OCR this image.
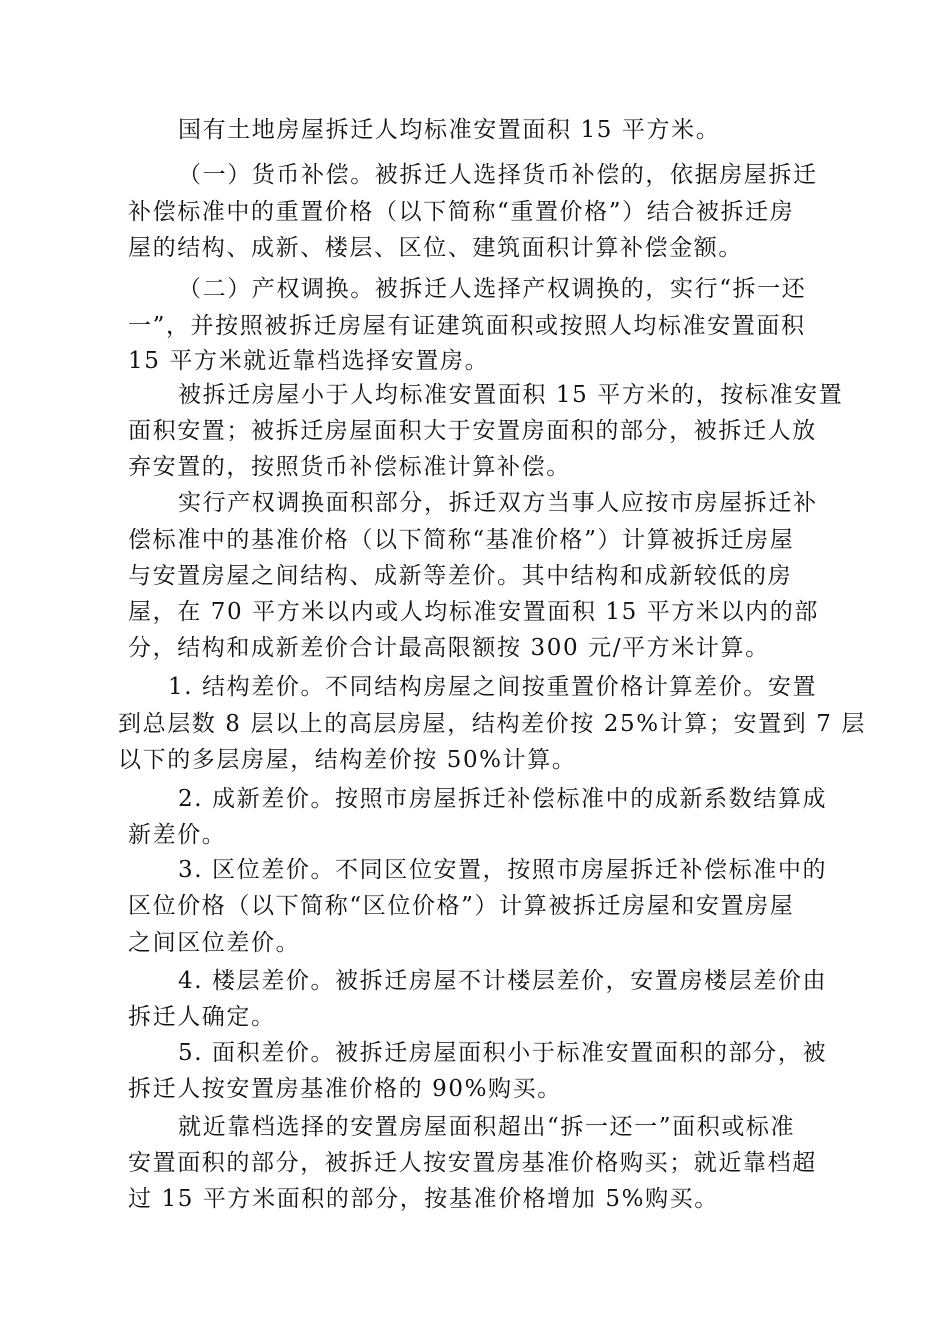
国有土地房屋拆迁人均标准安置面积 15 平方米。
（一）货币补偿。被拆迁人选择货币补偿的，依据房屋拆迁
补偿标准中的重置价格（以下简称“重置价格”）结合被拆迁房
屋的结构、成新、楼层、区位、建筑面积计算补偿金额。
（二）产权调换。被拆迁人选择产权调换的，实行“拆一还
一”，并按照被拆迁房屋有证建筑面积或按照人均标准安置面积
15 平方米就近靠档选择安置房。
被拆迁房屋小于人均标准安置面积 15 平方米的，按标准安置
面积安置；被拆迁房屋面积大于安置房面积的部分，被拆迁人放
弃安置的，按照货币补偿标准计算补偿。
实行产权调换面积部分，拆迁双方当事人应按市房屋拆迁补
偿标准中的基准价格（以下简称“基准价格”）计算被拆迁房屋
与安置房屋之间结构、成新等差价。其中结构和成新较低的房
屋，在 70 平方米以内或人均标准安置面积 15 平方米以内的部
分，结构和成新差价合计最高限额按 300 元/平方米计算。
1. 结构差价。不同结构房屋之间按重置价格计算差价。安置
到总层数 8 层以上的高层房屋，结构差价按 25%计算；安置到 7 层
以下的多层房屋，结构差价按 50%计算。
2. 成新差价。按照市房屋拆迁补偿标准中的成新系数结算成
新差价。
3. 区位差价。不同区位安置，按照市房屋拆迁补偿标准中的
区位价格（以下简称“区位价格”）计算被拆迁房屋和安置房屋
之间区位差价。
4. 楼层差价。被拆迁房屋不计楼层差价，安置房楼层差价由
拆迁人确定。
5. 面积差价。被拆迁房屋面积小于标准安置面积的部分，被
拆迁人按安置房基准价格的 90%购买。
就近靠档选择的安置房屋面积超出“拆一还一”面积或标准
安置面积的部分，被拆迁人按安置房基准价格购买；就近靠档超
过 15 平方米面积的部分，按基准价格增加 5%购买。
